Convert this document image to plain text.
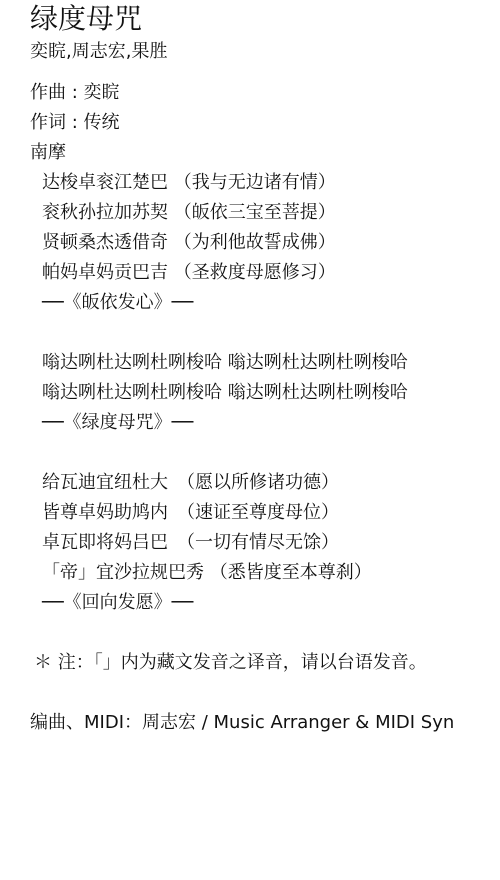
绿度母咒
奕睆,周志宏,果胜
作曲 : 奕睆
作词 : 传统
南摩
达梭卓衮江楚巴 （我与无边诸有情）
衮秋孙拉加苏契 （皈依三宝至菩提）
贤顿桑杰透借奇 （为利他故誓成佛）
帕妈卓妈贡巴吉 （圣救度母愿修习）
──《皈依发心》──
嗡达咧杜达咧杜咧梭哈 嗡达咧杜达咧杜咧梭哈
嗡达咧杜达咧杜咧梭哈 嗡达咧杜达咧杜咧梭哈
──《绿度母咒》──
给瓦迪宜纽杜大　（愿以所修诸功德）
皆尊卓妈助鸠内　（速证至尊度母位）
卓瓦即将妈吕巴　（一切有情尽无馀）
「帝」宜沙拉规巴秀 （悉皆度至本尊刹）
──《回向发愿》──
＊ 注：「」内为藏文发音之译音，请以台语发音。
编曲、MIDI：周志宏 / Music Arranger & MIDI Syn
